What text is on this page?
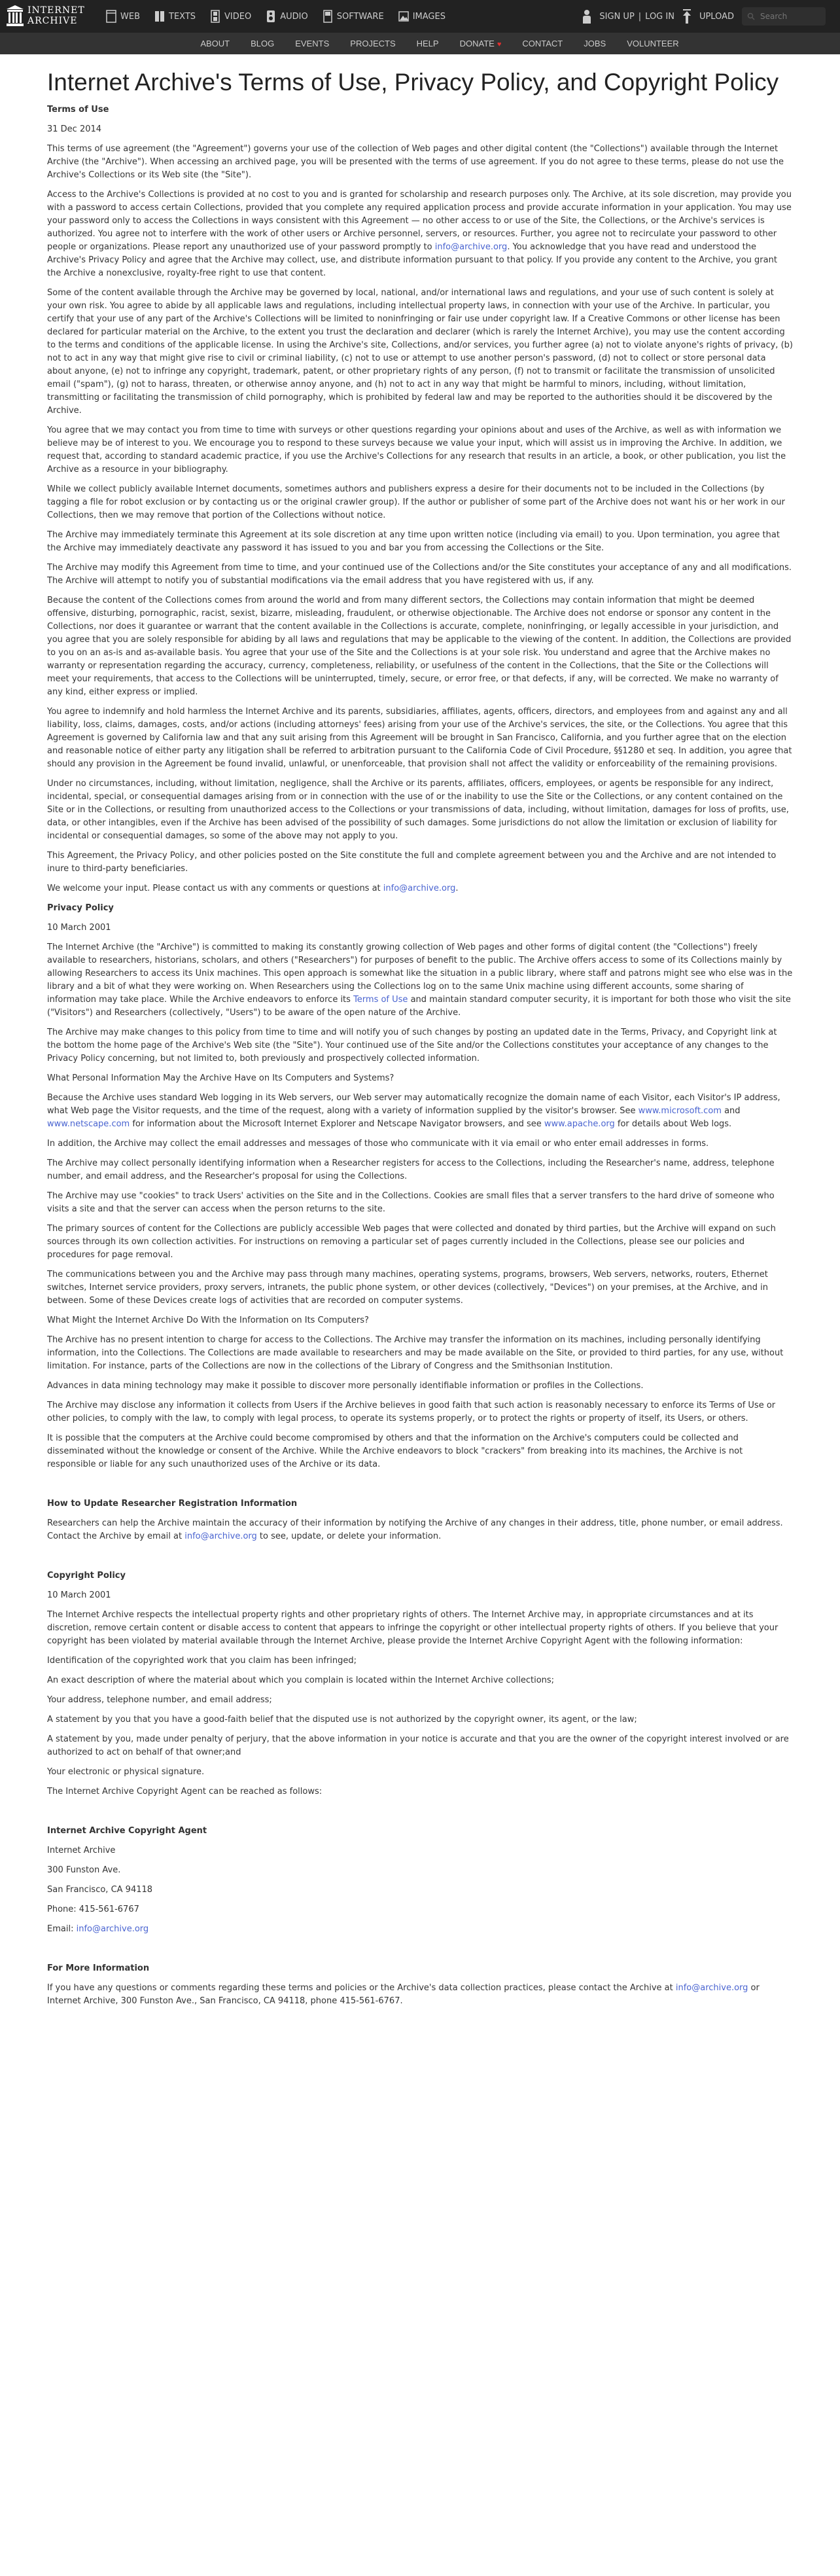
INTERNET
ARCHIVE	WEB	TEXTS	VIDEO	AUDIO	SOFTWARE	IMAGES	SIGN UP | LOG IN	UPLOAD
Search
ABOUT BLOG EVENTS PROJECTS HELP DONATE ♥ CONTACT JOBS VOLUNTEER
Internet Archive's Terms of Use, Privacy Policy, and Copyright Policy

Terms of Use

31 Dec 2014

This terms of use agreement (the "Agreement") governs your use of the collection of Web pages and other digital content (the "Collections") available through the Internet Archive (the "Archive"). When accessing an archived page, you will be presented with the terms of use agreement. If you do not agree to these terms, please do not use the Archive's Collections or its Web site (the "Site").

Access to the Archive's Collections is provided at no cost to you and is granted for scholarship and research purposes only. The Archive, at its sole discretion, may provide you with a password to access certain Collections, provided that you complete any required application process and provide accurate information in your application. You may use your password only to access the Collections in ways consistent with this Agreement — no other access to or use of the Site, the Collections, or the Archive's services is authorized. You agree not to interfere with the work of other users or Archive personnel, servers, or resources. Further, you agree not to recirculate your password to other people or organizations. Please report any unauthorized use of your password promptly to info@archive.org. You acknowledge that you have read and understood the Archive's Privacy Policy and agree that the Archive may collect, use, and distribute information pursuant to that policy. If you provide any content to the Archive, you grant the Archive a nonexclusive, royalty-free right to use that content.

Some of the content available through the Archive may be governed by local, national, and/or international laws and regulations, and your use of such content is solely at your own risk. You agree to abide by all applicable laws and regulations, including intellectual property laws, in connection with your use of the Archive. In particular, you certify that your use of any part of the Archive's Collections will be limited to noninfringing or fair use under copyright law. If a Creative Commons or other license has been declared for particular material on the Archive, to the extent you trust the declaration and declarer (which is rarely the Internet Archive), you may use the content according to the terms and conditions of the applicable license. In using the Archive's site, Collections, and/or services, you further agree (a) not to violate anyone's rights of privacy, (b) not to act in any way that might give rise to civil or criminal liability, (c) not to use or attempt to use another person's password, (d) not to collect or store personal data about anyone, (e) not to infringe any copyright, trademark, patent, or other proprietary rights of any person, (f) not to transmit or facilitate the transmission of unsolicited email ("spam"), (g) not to harass, threaten, or otherwise annoy anyone, and (h) not to act in any way that might be harmful to minors, including, without limitation, transmitting or facilitating the transmission of child pornography, which is prohibited by federal law and may be reported to the authorities should it be discovered by the Archive.

You agree that we may contact you from time to time with surveys or other questions regarding your opinions about and uses of the Archive, as well as with information we believe may be of interest to you. We encourage you to respond to these surveys because we value your input, which will assist us in improving the Archive. In addition, we request that, according to standard academic practice, if you use the Archive's Collections for any research that results in an article, a book, or other publication, you list the Archive as a resource in your bibliography.

While we collect publicly available Internet documents, sometimes authors and publishers express a desire for their documents not to be included in the Collections (by tagging a file for robot exclusion or by contacting us or the original crawler group). If the author or publisher of some part of the Archive does not want his or her work in our Collections, then we may remove that portion of the Collections without notice.

The Archive may immediately terminate this Agreement at its sole discretion at any time upon written notice (including via email) to you. Upon termination, you agree that the Archive may immediately deactivate any password it has issued to you and bar you from accessing the Collections or the Site.

The Archive may modify this Agreement from time to time, and your continued use of the Collections and/or the Site constitutes your acceptance of any and all modifications. The Archive will attempt to notify you of substantial modifications via the email address that you have registered with us, if any.

Because the content of the Collections comes from around the world and from many different sectors, the Collections may contain information that might be deemed offensive, disturbing, pornographic, racist, sexist, bizarre, misleading, fraudulent, or otherwise objectionable. The Archive does not endorse or sponsor any content in the Collections, nor does it guarantee or warrant that the content available in the Collections is accurate, complete, noninfringing, or legally accessible in your jurisdiction, and you agree that you are solely responsible for abiding by all laws and regulations that may be applicable to the viewing of the content. In addition, the Collections are provided to you on an as-is and as-available basis. You agree that your use of the Site and the Collections is at your sole risk. You understand and agree that the Archive makes no warranty or representation regarding the accuracy, currency, completeness, reliability, or usefulness of the content in the Collections, that the Site or the Collections will meet your requirements, that access to the Collections will be uninterrupted, timely, secure, or error free, or that defects, if any, will be corrected. We make no warranty of any kind, either express or implied.

You agree to indemnify and hold harmless the Internet Archive and its parents, subsidiaries, affiliates, agents, officers, directors, and employees from and against any and all liability, loss, claims, damages, costs, and/or actions (including attorneys' fees) arising from your use of the Archive's services, the site, or the Collections. You agree that this Agreement is governed by California law and that any suit arising from this Agreement will be brought in San Francisco, California, and you further agree that on the election and reasonable notice of either party any litigation shall be referred to arbitration pursuant to the California Code of Civil Procedure, §§1280 et seq. In addition, you agree that should any provision in the Agreement be found invalid, unlawful, or unenforceable, that provision shall not affect the validity or enforceability of the remaining provisions.

Under no circumstances, including, without limitation, negligence, shall the Archive or its parents, affiliates, officers, employees, or agents be responsible for any indirect, incidental, special, or consequential damages arising from or in connection with the use of or the inability to use the Site or the Collections, or any content contained on the Site or in the Collections, or resulting from unauthorized access to the Collections or your transmissions of data, including, without limitation, damages for loss of profits, use, data, or other intangibles, even if the Archive has been advised of the possibility of such damages. Some jurisdictions do not allow the limitation or exclusion of liability for incidental or consequential damages, so some of the above may not apply to you.

This Agreement, the Privacy Policy, and other policies posted on the Site constitute the full and complete agreement between you and the Archive and are not intended to inure to third-party beneficiaries.

We welcome your input. Please contact us with any comments or questions at info@archive.org.

Privacy Policy

10 March 2001

The Internet Archive (the "Archive") is committed to making its constantly growing collection of Web pages and other forms of digital content (the "Collections") freely available to researchers, historians, scholars, and others ("Researchers") for purposes of benefit to the public. The Archive offers access to some of its Collections mainly by allowing Researchers to access its Unix machines. This open approach is somewhat like the situation in a public library, where staff and patrons might see who else was in the library and a bit of what they were working on. When Researchers using the Collections log on to the same Unix machine using different accounts, some sharing of information may take place. While the Archive endeavors to enforce its Terms of Use and maintain standard computer security, it is important for both those who visit the site ("Visitors") and Researchers (collectively, "Users") to be aware of the open nature of the Archive.

The Archive may make changes to this policy from time to time and will notify you of such changes by posting an updated date in the Terms, Privacy, and Copyright link at the bottom the home page of the Archive's Web site (the "Site"). Your continued use of the Site and/or the Collections constitutes your acceptance of any changes to the Privacy Policy concerning, but not limited to, both previously and prospectively collected information.

What Personal Information May the Archive Have on Its Computers and Systems?

Because the Archive uses standard Web logging in its Web servers, our Web server may automatically recognize the domain name of each Visitor, each Visitor's IP address, what Web page the Visitor requests, and the time of the request, along with a variety of information supplied by the visitor's browser. See www.microsoft.com and www.netscape.com for information about the Microsoft Internet Explorer and Netscape Navigator browsers, and see www.apache.org for details about Web logs.

In addition, the Archive may collect the email addresses and messages of those who communicate with it via email or who enter email addresses in forms.

The Archive may collect personally identifying information when a Researcher registers for access to the Collections, including the Researcher's name, address, telephone number, and email address, and the Researcher's proposal for using the Collections.

The Archive may use "cookies" to track Users' activities on the Site and in the Collections. Cookies are small files that a server transfers to the hard drive of someone who visits a site and that the server can access when the person returns to the site.

The primary sources of content for the Collections are publicly accessible Web pages that were collected and donated by third parties, but the Archive will expand on such sources through its own collection activities. For instructions on removing a particular set of pages currently included in the Collections, please see our policies and procedures for page removal.

The communications between you and the Archive may pass through many machines, operating systems, programs, browsers, Web servers, networks, routers, Ethernet switches, Internet service providers, proxy servers, intranets, the public phone system, or other devices (collectively, "Devices") on your premises, at the Archive, and in between. Some of these Devices create logs of activities that are recorded on computer systems.

What Might the Internet Archive Do With the Information on Its Computers?

The Archive has no present intention to charge for access to the Collections. The Archive may transfer the information on its machines, including personally identifying information, into the Collections. The Collections are made available to researchers and may be made available on the Site, or provided to third parties, for any use, without limitation. For instance, parts of the Collections are now in the collections of the Library of Congress and the Smithsonian Institution.

Advances in data mining technology may make it possible to discover more personally identifiable information or profiles in the Collections.

The Archive may disclose any information it collects from Users if the Archive believes in good faith that such action is reasonably necessary to enforce its Terms of Use or other policies, to comply with the law, to comply with legal process, to operate its systems properly, or to protect the rights or property of itself, its Users, or others.

It is possible that the computers at the Archive could become compromised by others and that the information on the Archive's computers could be collected and disseminated without the knowledge or consent of the Archive. While the Archive endeavors to block "crackers" from breaking into its machines, the Archive is not responsible or liable for any such unauthorized uses of the Archive or its data.

How to Update Researcher Registration Information

Researchers can help the Archive maintain the accuracy of their information by notifying the Archive of any changes in their address, title, phone number, or email address. Contact the Archive by email at info@archive.org to see, update, or delete your information.

Copyright Policy

10 March 2001

The Internet Archive respects the intellectual property rights and other proprietary rights of others. The Internet Archive may, in appropriate circumstances and at its discretion, remove certain content or disable access to content that appears to infringe the copyright or other intellectual property rights of others. If you believe that your copyright has been violated by material available through the Internet Archive, please provide the Internet Archive Copyright Agent with the following information:

Identification of the copyrighted work that you claim has been infringed;

An exact description of where the material about which you complain is located within the Internet Archive collections;

Your address, telephone number, and email address;

A statement by you that you have a good-faith belief that the disputed use is not authorized by the copyright owner, its agent, or the law;

A statement by you, made under penalty of perjury, that the above information in your notice is accurate and that you are the owner of the copyright interest involved or are authorized to act on behalf of that owner;and

Your electronic or physical signature.

The Internet Archive Copyright Agent can be reached as follows:

Internet Archive Copyright Agent

Internet Archive

300 Funston Ave.

San Francisco, CA 94118

Phone: 415-561-6767

Email: info@archive.org

For More Information

If you have any questions or comments regarding these terms and policies or the Archive's data collection practices, please contact the Archive at info@archive.org or Internet Archive, 300 Funston Ave., San Francisco, CA 94118, phone 415-561-6767.
